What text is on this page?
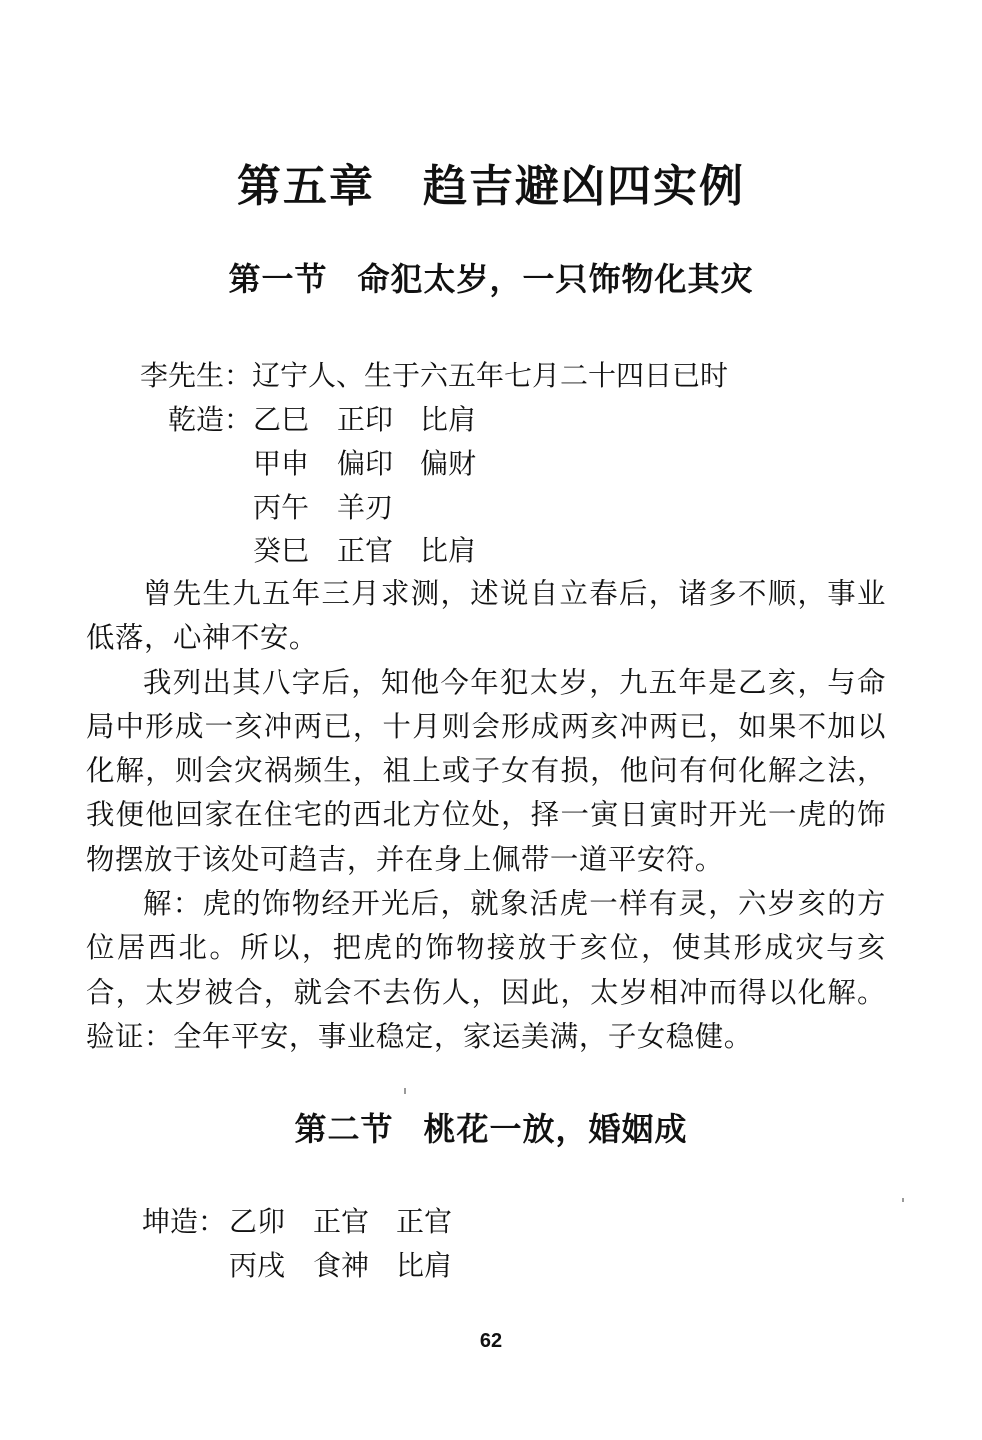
第五章 趋吉避凶四实例
第一节 命犯太岁，一只饰物化其灾
李先生：辽宁人、生于六五年七月二十四日已时
乾造： 乙巳 正印 比肩
甲申 偏印 偏财
丙午 羊刃
癸巳 正官 比肩

曾先生九五年三月求测，述说自立春后，诸多不顺，事业低落，心神不安。

我列出其八字后，知他今年犯太岁，九五年是乙亥，与命局中形成一亥冲两已，十月则会形成两亥冲两已，如果不加以化解，则会灾祸频生，祖上或子女有损，他问有何化解之法，我便他回家在住宅的西北方位处，择一寅日寅时开光一虎的饰物摆放于该处可趋吉，并在身上佩带一道平安符。

解：虎的饰物经开光后，就象活虎一样有灵，六岁亥的方位居西北。所以，把虎的饰物接放于亥位，使其形成灾与亥合，太岁被合，就会不去伤人，因此，太岁相冲而得以化解。验证：全年平安，事业稳定，家运美满，子女稳健。

第二节 桃花一放，婚姻成
坤造： 乙卯 正官 正官
丙戌 食神 比肩
62
